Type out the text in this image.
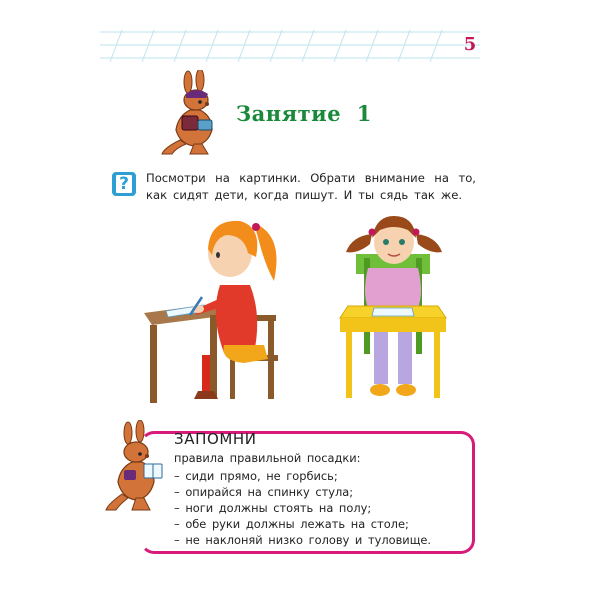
5
Занятие  1
? Посмотри на картинки. Обрати внимание на то, как сидят дети, когда пишут. И ты сядь так же.
ЗАПОМНИ
правила правильной посадки:
– сиди прямо, не горбись;
– опирайся на спинку стула;
– ноги должны стоять на полу;
– обе руки должны лежать на столе;
– не наклоняй низко голову и туловище.
